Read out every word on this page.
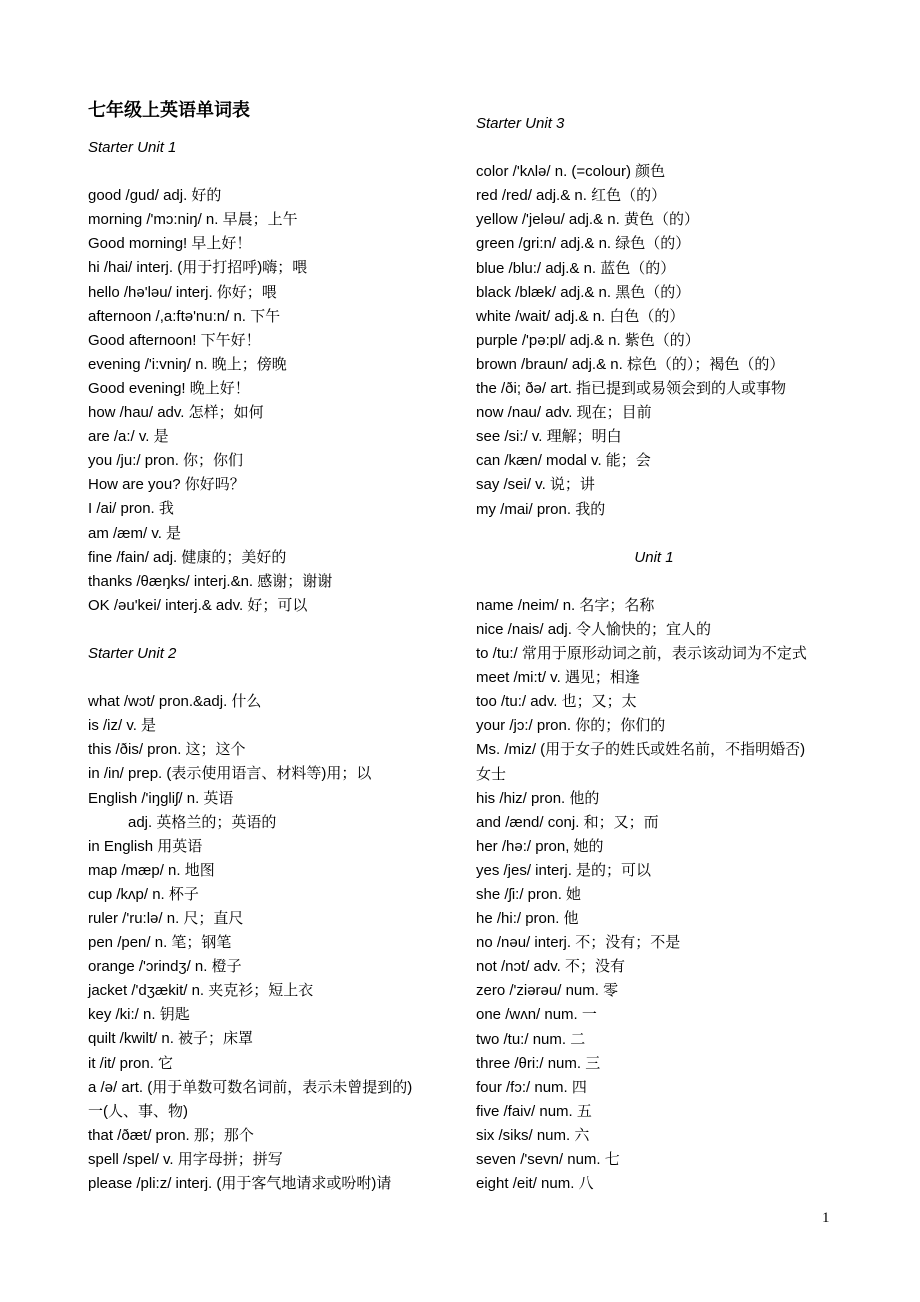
七年级上英语单词表
Starter Unit 1
good /gud/ adj. 好的
morning /'mɔ:niŋ/ n. 早晨；上午
Good morning! 早上好！
hi /hai/ interj. (用于打招呼)嗨；喂
hello /hə'ləu/ interj. 你好；喂
afternoon /,a:ftə'nu:n/ n. 下午
Good afternoon! 下午好！
evening /'i:vniŋ/ n. 晚上；傍晚
Good evening! 晚上好！
how /hau/ adv. 怎样；如何
are /a:/ v. 是
you /ju:/ pron. 你；你们
How are you? 你好吗？
I /ai/ pron. 我
am /æm/ v. 是
fine /fain/ adj. 健康的；美好的
thanks /θæŋks/ interj.&n. 感谢；谢谢
OK /əu'kei/ interj.& adv. 好；可以
Starter Unit 2
what /wɔt/ pron.&adj. 什么
is /iz/ v. 是
this /ðis/ pron. 这；这个
in /in/ prep. (表示使用语言、材料等)用；以
English /'iŋgliʃ/ n. 英语
adj. 英格兰的；英语的
in English 用英语
map /mæp/ n. 地图
cup /kʌp/ n. 杯子
ruler /'ru:lə/ n. 尺；直尺
pen /pen/ n. 笔；钢笔
orange /'ɔrindʒ/ n. 橙子
jacket /'dʒækit/ n. 夹克衫；短上衣
key /ki:/ n. 钥匙
quilt /kwilt/ n. 被子；床罩
it /it/ pron. 它
a /ə/ art. (用于单数可数名词前，表示未曾提到的)
一(人、事、物)
that /ðæt/ pron. 那；那个
spell /spel/ v. 用字母拼；拼写
please /pli:z/ interj. (用于客气地请求或吩咐)请
Starter Unit 3
color /'kʌlə/ n. (=colour) 颜色
red /red/ adj.& n. 红色（的）
yellow /'jeləu/ adj.& n. 黄色（的）
green /gri:n/ adj.& n. 绿色（的）
blue /blu:/ adj.& n. 蓝色（的）
black /blæk/ adj.& n. 黑色（的）
white /wait/ adj.& n. 白色（的）
purple /'pə:pl/ adj.& n. 紫色（的）
brown /braun/ adj.& n. 棕色（的）；褐色（的）
the /ði; ðə/ art. 指已提到或易领会到的人或事物
now /nau/ adv. 现在；目前
see /si:/ v. 理解；明白
can /kæn/ modal v. 能；会
say /sei/ v. 说；讲
my /mai/ pron. 我的
Unit 1
name /neim/ n. 名字；名称
nice /nais/ adj. 令人愉快的；宜人的
to /tu:/ 常用于原形动词之前，表示该动词为不定式
meet /mi:t/ v. 遇见；相逢
too /tu:/ adv. 也；又；太
your /jɔ:/ pron. 你的；你们的
Ms. /miz/ (用于女子的姓氏或姓名前，不指明婚否)
女士
his /hiz/ pron. 他的
and /ænd/ conj. 和；又；而
her /hə:/ pron, 她的
yes /jes/ interj. 是的；可以
she /ʃi:/ pron. 她
he /hi:/ pron. 他
no /nəu/ interj. 不；没有；不是
not /nɔt/ adv. 不；没有
zero /'ziərəu/ num. 零
one /wʌn/ num. 一
two /tu:/ num. 二
three /θri:/ num. 三
four /fɔ:/ num. 四
five /faiv/ num. 五
six /siks/ num. 六
seven /'sevn/ num. 七
eight /eit/ num. 八
1
